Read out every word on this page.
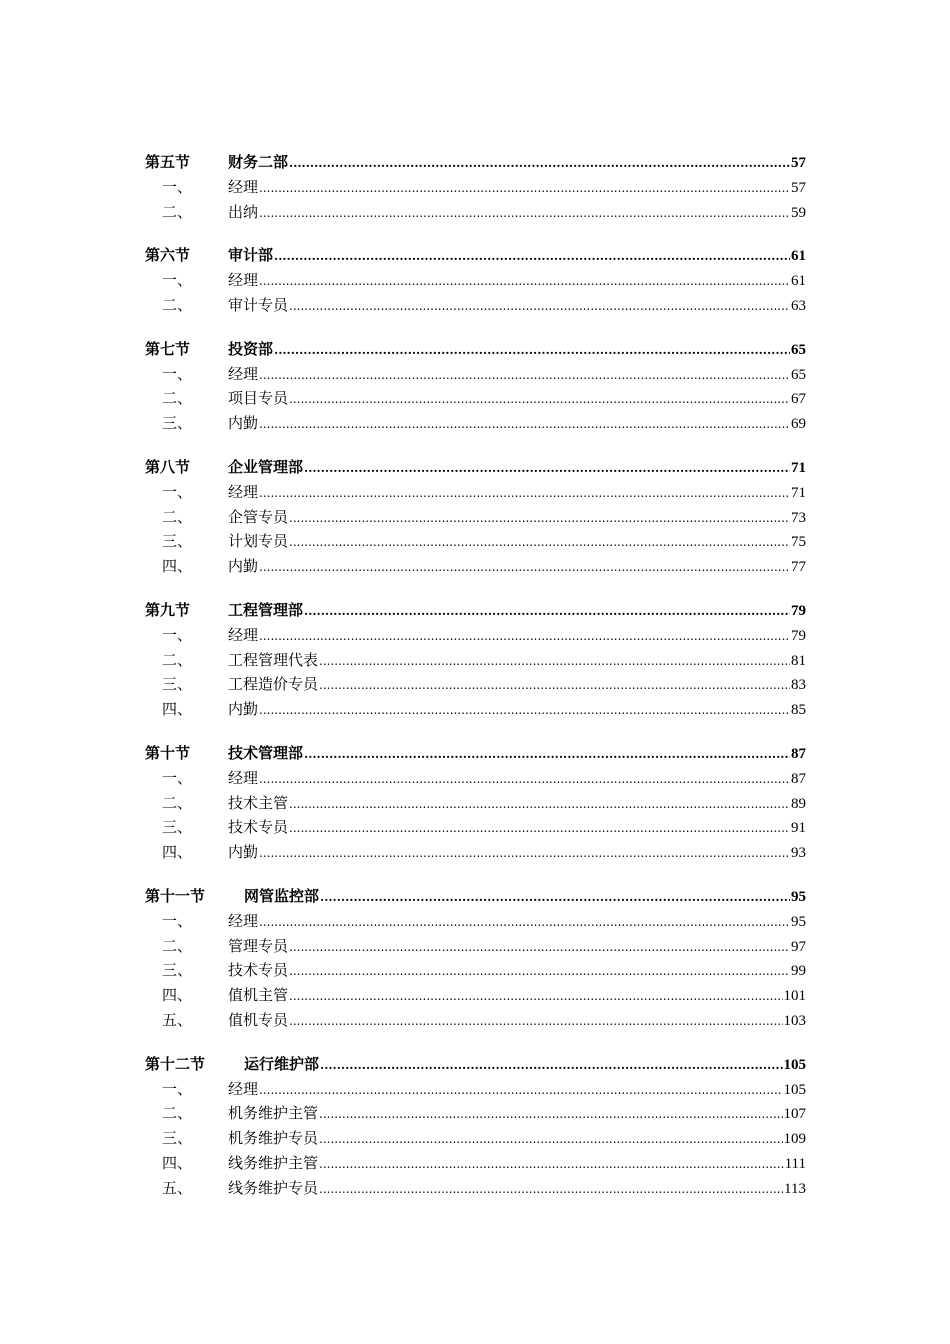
第五节	财务二部 .....	57
一、	经理 .....	57
二、	出纳 .....	59
第六节	审计部 .....	61
一、	经理 .....	61
二、	审计专员 .....	63
第七节	投资部 .....	65
一、	经理 .....	65
二、	项目专员 .....	67
三、	内勤 .....	69
第八节	企业管理部 .....	71
一、	经理 .....	71
二、	企管专员 .....	73
三、	计划专员 .....	75
四、	内勤 .....	77
第九节	工程管理部 .....	79
一、	经理 .....	79
二、	工程管理代表 .....	81
三、	工程造价专员 .....	83
四、	内勤 .....	85
第十节	技术管理部 .....	87
一、	经理 .....	87
二、	技术主管 .....	89
三、	技术专员 .....	91
四、	内勤 .....	93
第十一节	网管监控部 .....	95
一、	经理 .....	95
二、	管理专员 .....	97
三、	技术专员 .....	99
四、	值机主管 .....	101
五、	值机专员 .....	103
第十二节	运行维护部 .....	105
一、	经理 .....	105
二、	机务维护主管 .....	107
三、	机务维护专员 .....	109
四、	线务维护主管 .....	111
五、	线务维护专员 .....	113
